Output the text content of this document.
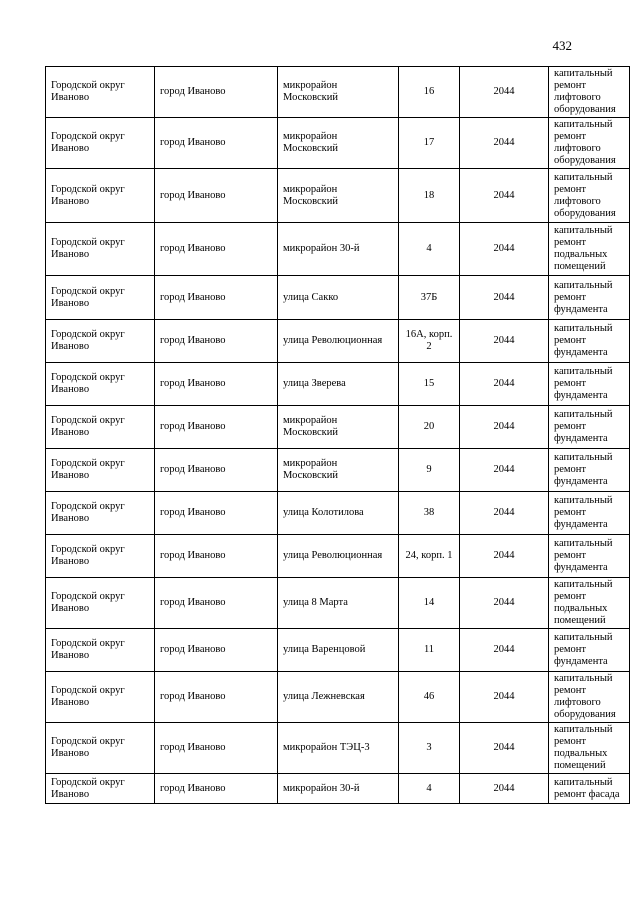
432
Городской округ Иваново	город Иваново	микрорайон Московский	16	2044	капитальный ремонт лифтового оборудования
Городской округ Иваново	город Иваново	микрорайон Московский	17	2044	капитальный ремонт лифтового оборудования
Городской округ Иваново	город Иваново	микрорайон Московский	18	2044	капитальный ремонт лифтового оборудования
Городской округ Иваново	город Иваново	микрорайон 30-й	4	2044	капитальный ремонт подвальных помещений
Городской округ Иваново	город Иваново	улица Сакко	37Б	2044	капитальный ремонт фундамента
Городской округ Иваново	город Иваново	улица Революционная	16А, корп. 2	2044	капитальный ремонт фундамента
Городской округ Иваново	город Иваново	улица Зверева	15	2044	капитальный ремонт фундамента
Городской округ Иваново	город Иваново	микрорайон Московский	20	2044	капитальный ремонт фундамента
Городской округ Иваново	город Иваново	микрорайон Московский	9	2044	капитальный ремонт фундамента
Городской округ Иваново	город Иваново	улица Колотилова	38	2044	капитальный ремонт фундамента
Городской округ Иваново	город Иваново	улица Революционная	24, корп. 1	2044	капитальный ремонт фундамента
Городской округ Иваново	город Иваново	улица 8 Марта	14	2044	капитальный ремонт подвальных помещений
Городской округ Иваново	город Иваново	улица Варенцовой	11	2044	капитальный ремонт фундамента
Городской округ Иваново	город Иваново	улица Лежневская	46	2044	капитальный ремонт лифтового оборудования
Городской округ Иваново	город Иваново	микрорайон ТЭЦ-3	3	2044	капитальный ремонт подвальных помещений
Городской округ Иваново	город Иваново	микрорайон 30-й	4	2044	капитальный ремонт фасада
